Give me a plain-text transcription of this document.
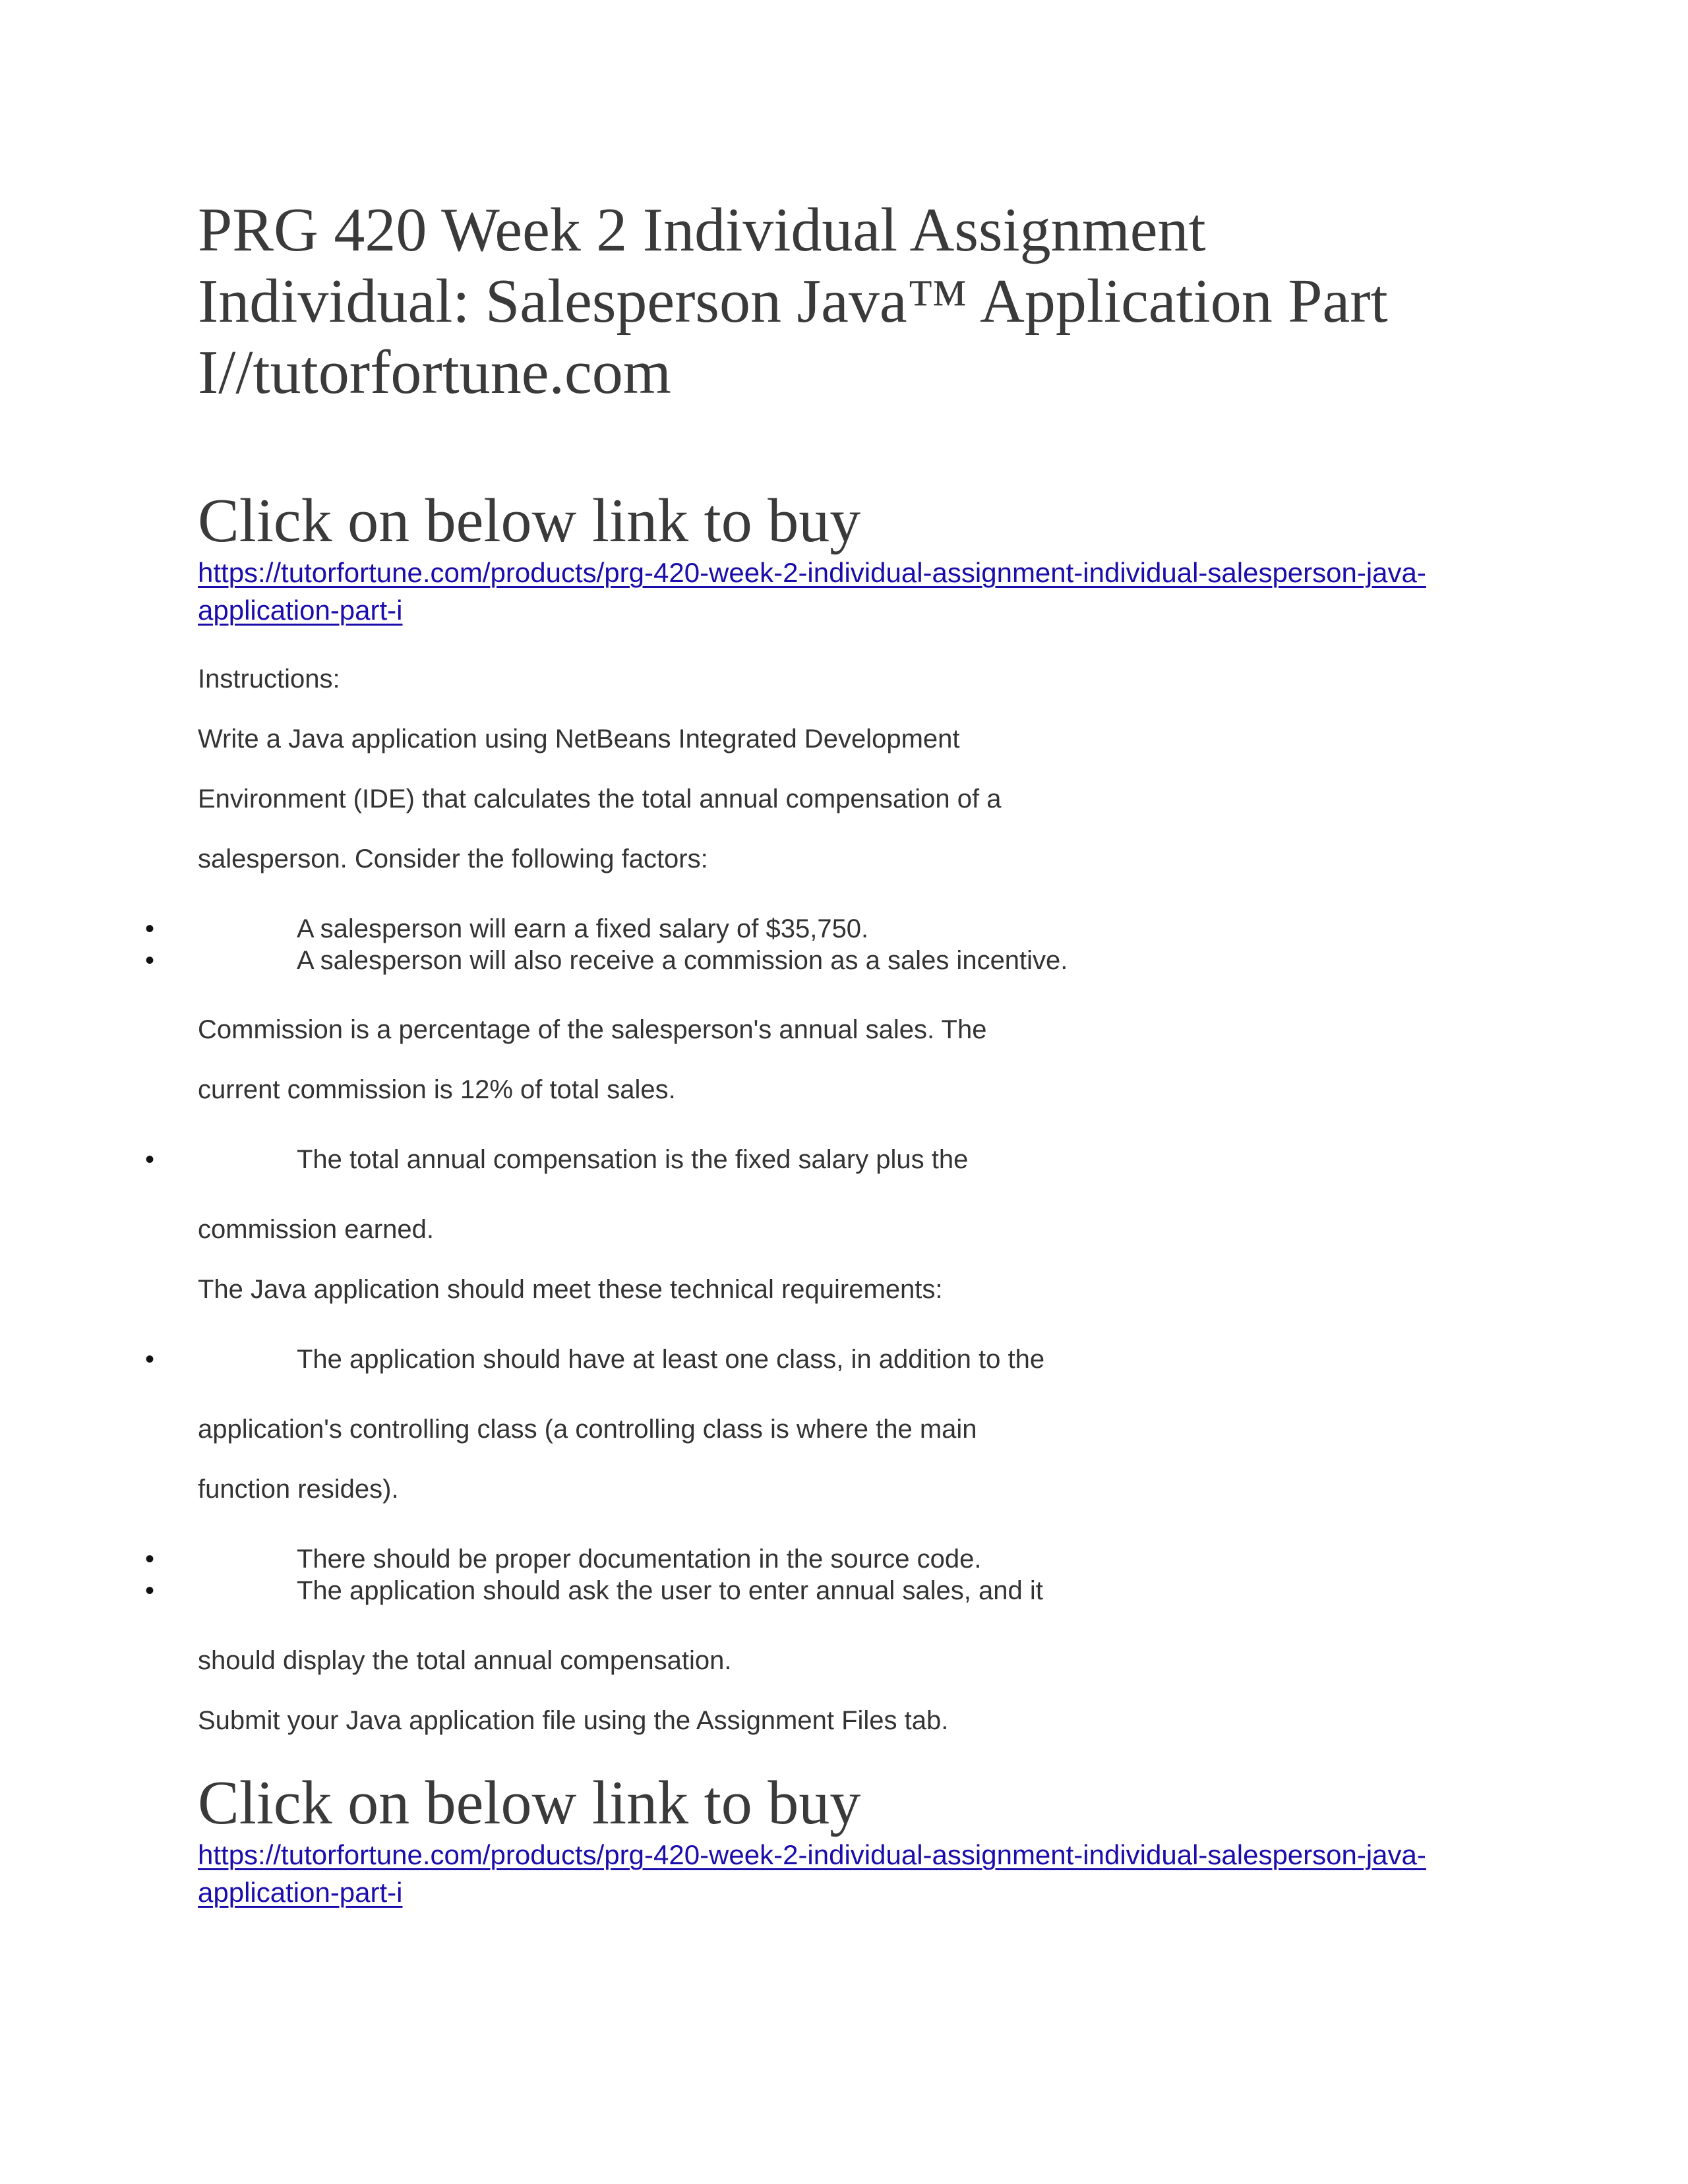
PRG 420 Week 2 Individual Assignment
Individual: Salesperson Java™ Application Part
I//tutorfortune.com
Click on below link to buy
https://tutorfortune.com/products/prg-420-week-2-individual-assignment-individual-salesperson-java-
application-part-i
Instructions:
Write a Java application using NetBeans Integrated Development
Environment (IDE) that calculates the total annual compensation of a
salesperson. Consider the following factors:
•	A salesperson will earn a fixed salary of $35,750.
•	A salesperson will also receive a commission as a sales incentive.
Commission is a percentage of the salesperson's annual sales. The
current commission is 12% of total sales.
•	The total annual compensation is the fixed salary plus the
commission earned.
The Java application should meet these technical requirements:
•	The application should have at least one class, in addition to the
application's controlling class (a controlling class is where the main
function resides).
•	There should be proper documentation in the source code.
•	The application should ask the user to enter annual sales, and it
should display the total annual compensation.
Submit your Java application file using the Assignment Files tab.
Click on below link to buy
https://tutorfortune.com/products/prg-420-week-2-individual-assignment-individual-salesperson-java-
application-part-i
